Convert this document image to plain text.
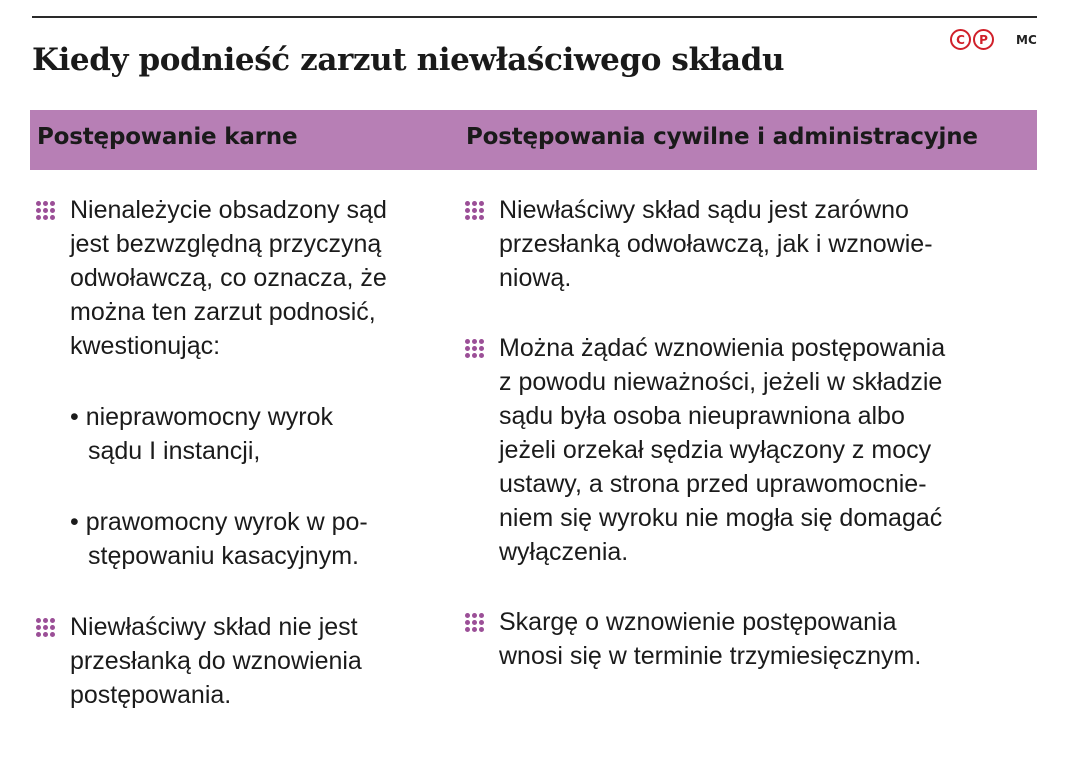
Kiedy podnieść zarzut niewłaściwego składu
C	P	MC
Postępowanie karne	Postępowania cywilne i administracyjne
Nienależycie obsadzony sąd
jest bezwzględną przyczyną
odwoławczą, co oznacza, że
można ten zarzut podnosić,
kwestionując:
• nieprawomocny wyrok
sądu I instancji,
• prawomocny wyrok w po-
stępowaniu kasacyjnym.
Niewłaściwy skład nie jest
przesłanką do wznowienia
postępowania.
Niewłaściwy skład sądu jest zarówno
przesłanką odwoławczą, jak i wznowie-
niową.
Można żądać wznowienia postępowania
z powodu nieważności, jeżeli w składzie
sądu była osoba nieuprawniona albo
jeżeli orzekał sędzia wyłączony z mocy
ustawy, a strona przed uprawomocnie-
niem się wyroku nie mogła się domagać
wyłączenia.
Skargę o wznowienie postępowania
wnosi się w terminie trzymiesięcznym.
